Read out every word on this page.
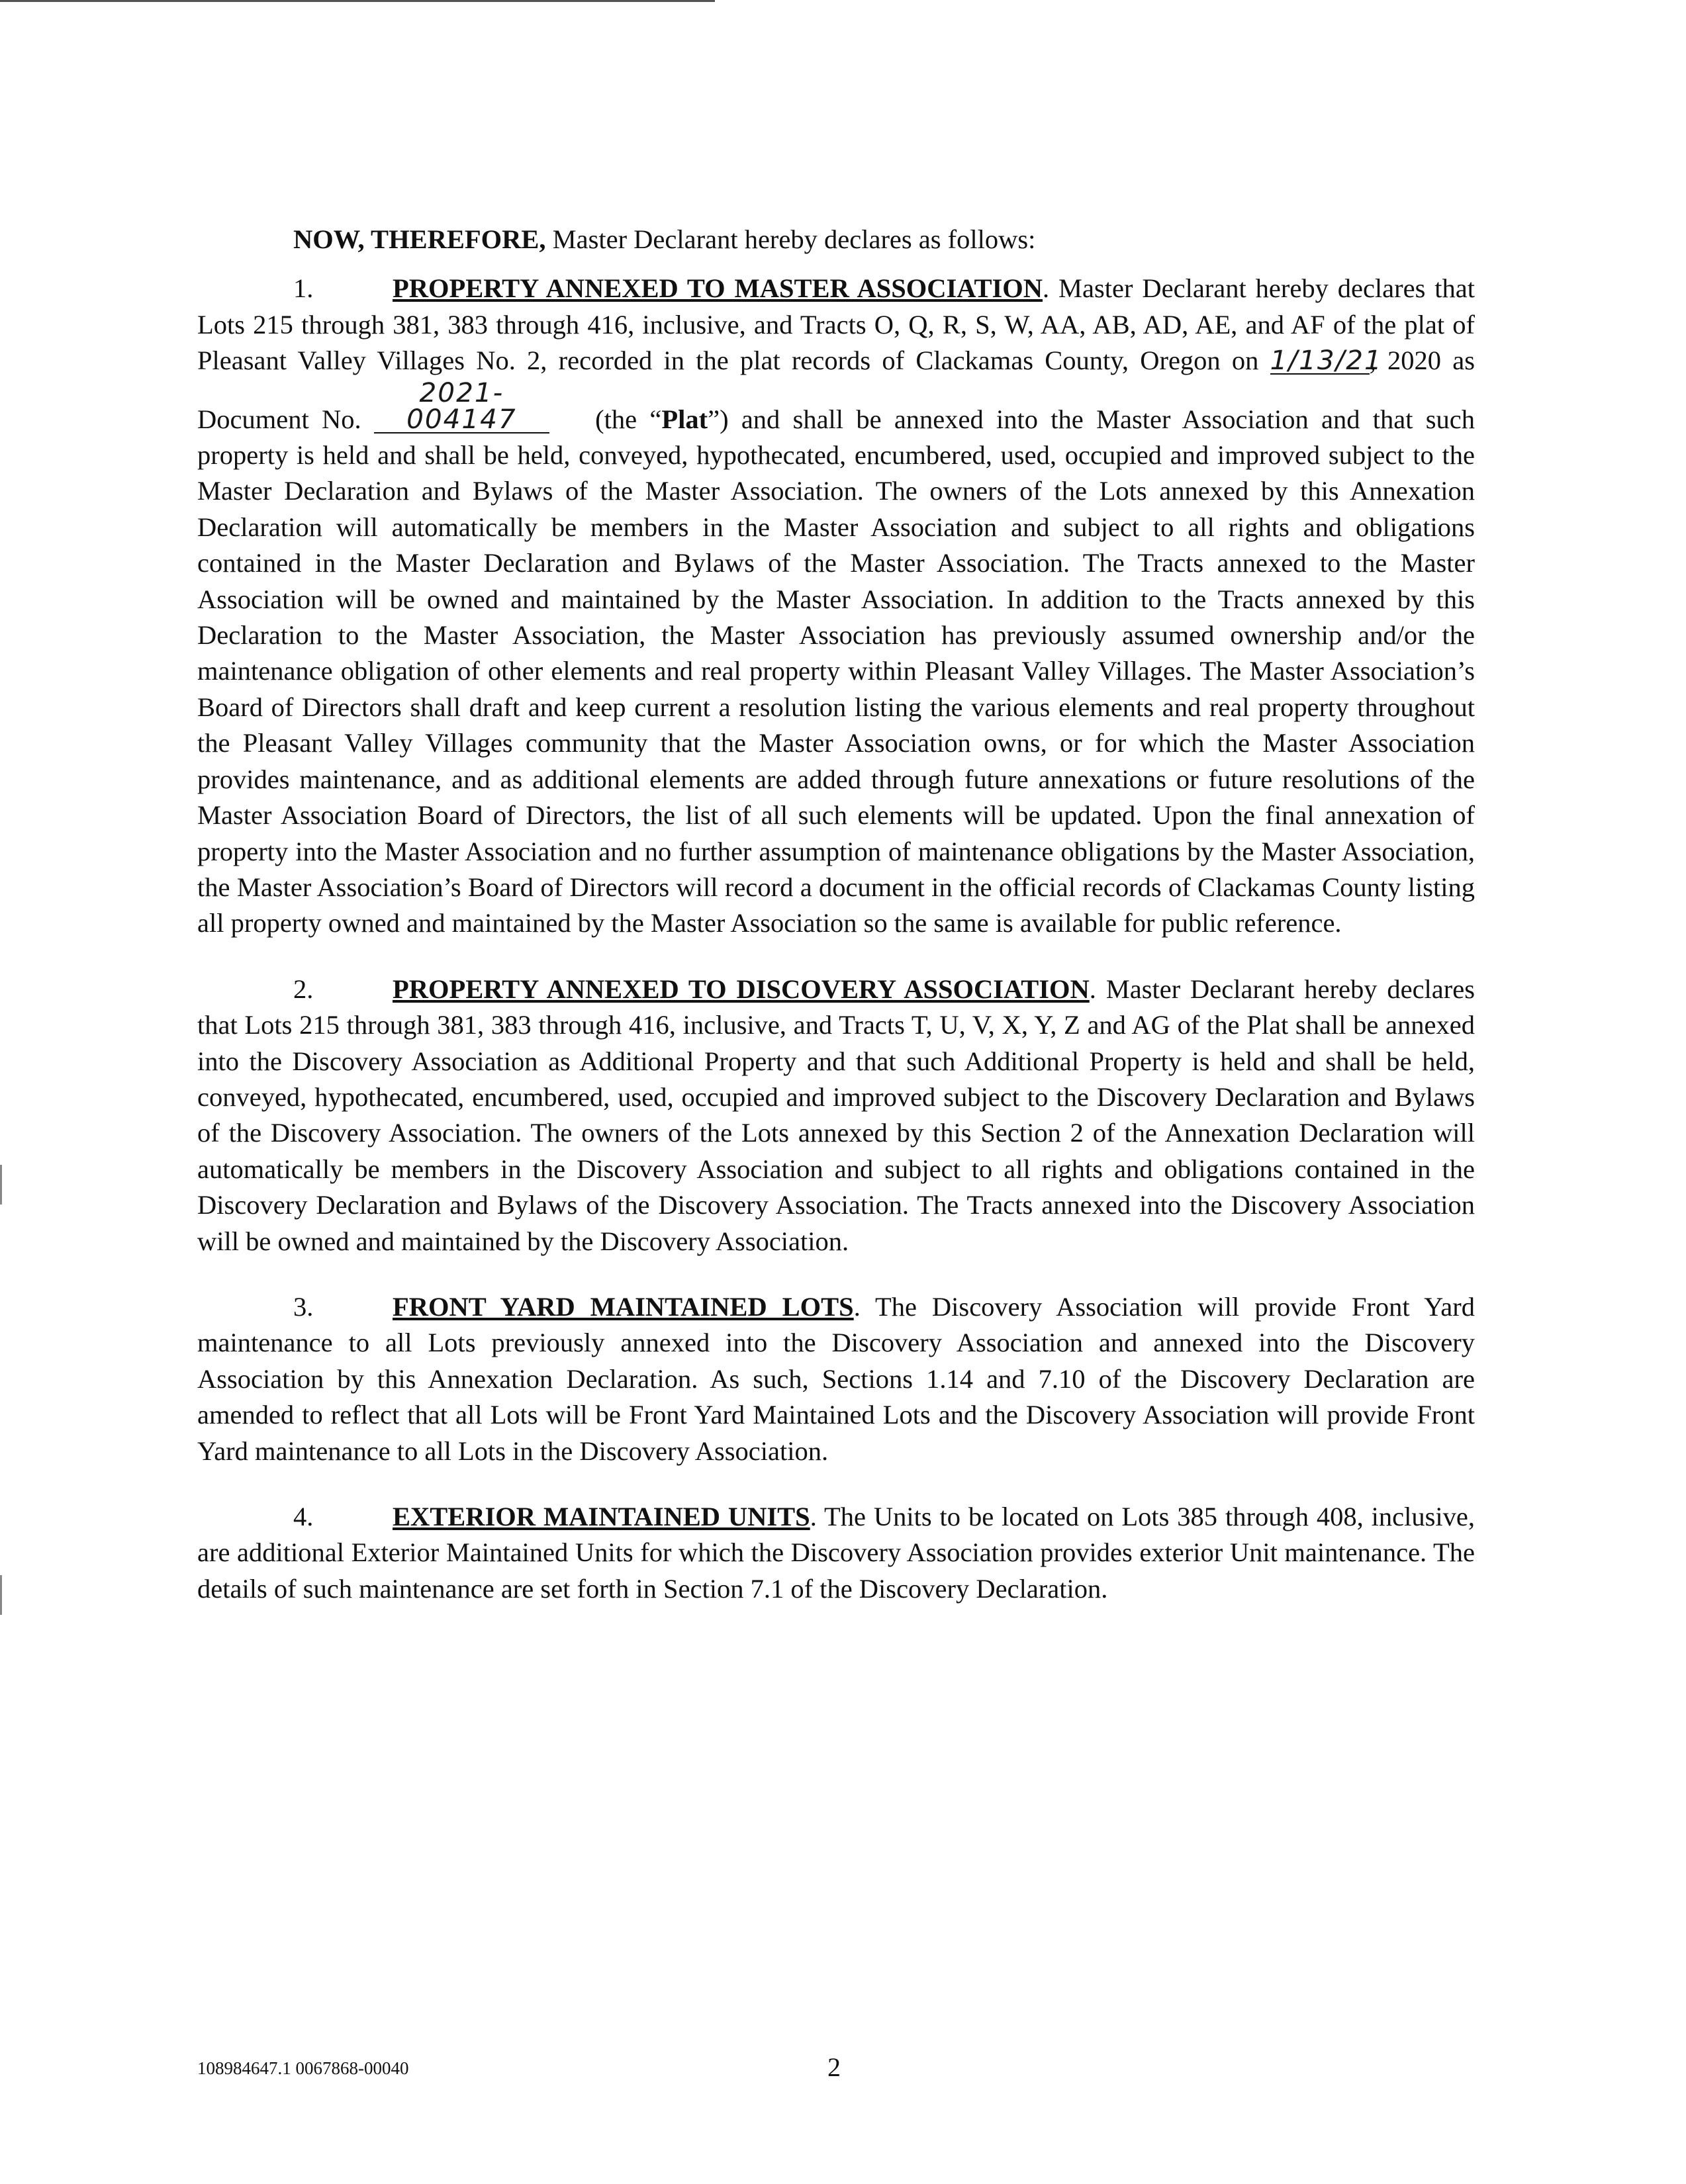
NOW, THEREFORE, Master Declarant hereby declares as follows:

1.	PROPERTY ANNEXED TO MASTER ASSOCIATION. Master Declarant hereby declares that Lots 215 through 381, 383 through 416, inclusive, and Tracts O, Q, R, S, W, AA, AB, AD, AE, and AF of the plat of Pleasant Valley Villages No. 2, recorded in the plat records of Clackamas County, Oregon on 1/13/21, 2020 as Document No. 2021-004147 (the “Plat”) and shall be annexed into the Master Association and that such property is held and shall be held, conveyed, hypothecated, encumbered, used, occupied and improved subject to the Master Declaration and Bylaws of the Master Association. The owners of the Lots annexed by this Annexation Declaration will automatically be members in the Master Association and subject to all rights and obligations contained in the Master Declaration and Bylaws of the Master Association. The Tracts annexed to the Master Association will be owned and maintained by the Master Association. In addition to the Tracts annexed by this Declaration to the Master Association, the Master Association has previously assumed ownership and/or the maintenance obligation of other elements and real property within Pleasant Valley Villages. The Master Association’s Board of Directors shall draft and keep current a resolution listing the various elements and real property throughout the Pleasant Valley Villages community that the Master Association owns, or for which the Master Association provides maintenance, and as additional elements are added through future annexations or future resolutions of the Master Association Board of Directors, the list of all such elements will be updated. Upon the final annexation of property into the Master Association and no further assumption of maintenance obligations by the Master Association, the Master Association’s Board of Directors will record a document in the official records of Clackamas County listing all property owned and maintained by the Master Association so the same is available for public reference.

2.	PROPERTY ANNEXED TO DISCOVERY ASSOCIATION. Master Declarant hereby declares that Lots 215 through 381, 383 through 416, inclusive, and Tracts T, U, V, X, Y, Z and AG of the Plat shall be annexed into the Discovery Association as Additional Property and that such Additional Property is held and shall be held, conveyed, hypothecated, encumbered, used, occupied and improved subject to the Discovery Declaration and Bylaws of the Discovery Association. The owners of the Lots annexed by this Section 2 of the Annexation Declaration will automatically be members in the Discovery Association and subject to all rights and obligations contained in the Discovery Declaration and Bylaws of the Discovery Association. The Tracts annexed into the Discovery Association will be owned and maintained by the Discovery Association.

3.	FRONT YARD MAINTAINED LOTS. The Discovery Association will provide Front Yard maintenance to all Lots previously annexed into the Discovery Association and annexed into the Discovery Association by this Annexation Declaration. As such, Sections 1.14 and 7.10 of the Discovery Declaration are amended to reflect that all Lots will be Front Yard Maintained Lots and the Discovery Association will provide Front Yard maintenance to all Lots in the Discovery Association.

4.	EXTERIOR MAINTAINED UNITS. The Units to be located on Lots 385 through 408, inclusive, are additional Exterior Maintained Units for which the Discovery Association provides exterior Unit maintenance. The details of such maintenance are set forth in Section 7.1 of the Discovery Declaration.

108984647.1 0067868-00040	2
